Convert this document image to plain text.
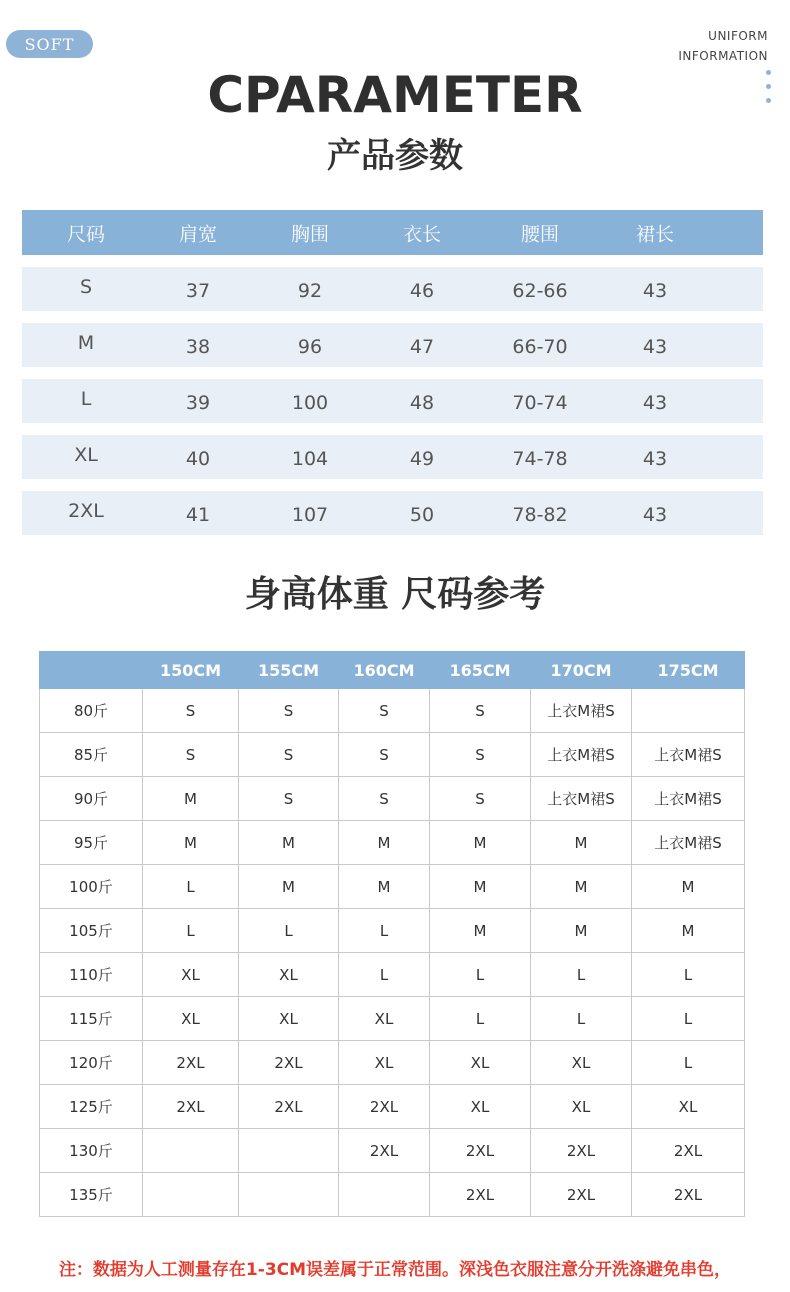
SOFT	UNIFORM
INFORMATION
CPARAMETER
产品参数
尺码	肩宽	胸围	衣长	腰围	裙长
S	37	92	46	62-66	43
M	38	96	47	66-70	43
L	39	100	48	70-74	43
XL	40	104	49	74-78	43
2XL	41	107	50	78-82	43
身高体重 尺码参考
	150CM	155CM	160CM	165CM	170CM	175CM
80斤	S	S	S	S	上衣M裙S	
85斤	S	S	S	S	上衣M裙S	上衣M裙S
90斤	M	S	S	S	上衣M裙S	上衣M裙S
95斤	M	M	M	M	M	上衣M裙S
100斤	L	M	M	M	M	M
105斤	L	L	L	M	M	M
110斤	XL	XL	L	L	L	L
115斤	XL	XL	XL	L	L	L
120斤	2XL	2XL	XL	XL	XL	L
125斤	2XL	2XL	2XL	XL	XL	XL
130斤			2XL	2XL	2XL	2XL
135斤				2XL	2XL	2XL
注：数据为人工测量存在1-3CM误差属于正常范围。深浅色衣服注意分开洗涤避免串色，
